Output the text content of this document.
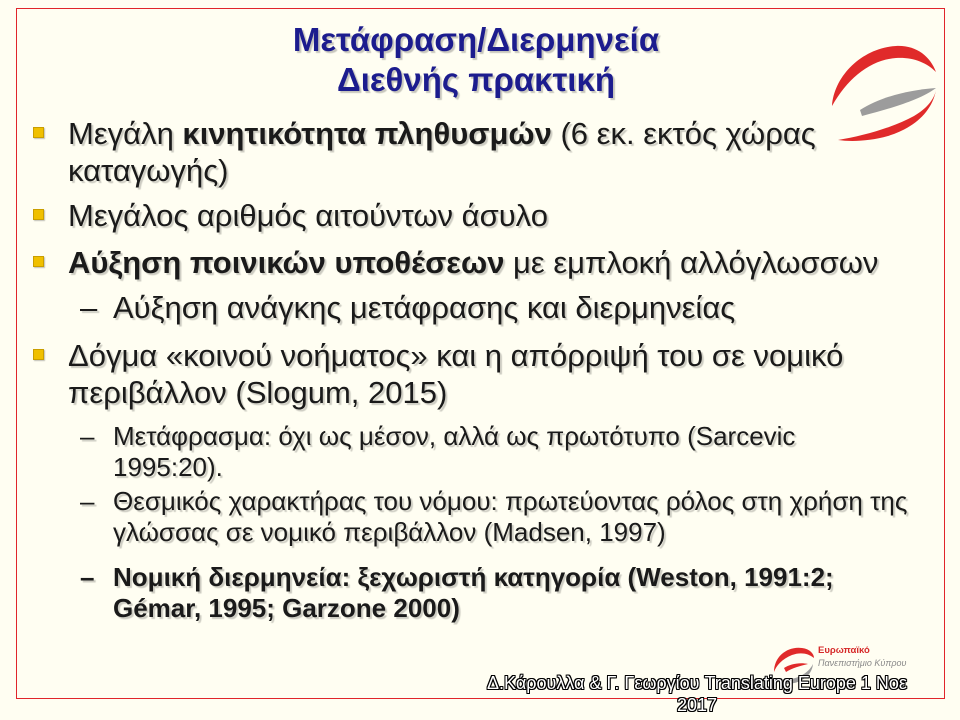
Μετάφραση/Διερμηνεία
Διεθνής πρακτική
Μεγάλη κινητικότητα πληθυσμών (6 εκ. εκτός χώρας
καταγωγής)
Μεγάλος αριθμός αιτούντων άσυλο
Αύξηση ποινικών υποθέσεων με εμπλοκή αλλόγλωσσων
– Αύξηση ανάγκης μετάφρασης και διερμηνείας
Δόγμα «κοινού νοήματος» και η απόρριψή του σε νομικό
περιβάλλον (Slogum, 2015)
– Μετάφρασμα: όχι ως μέσον, αλλά ως πρωτότυπο (Sarcevic
1995:20).
– Θεσμικός χαρακτήρας του νόμου: πρωτεύοντας ρόλος στη χρήση της
γλώσσας σε νομικό περιβάλλον (Madsen, 1997)
– Νομική διερμηνεία: ξεχωριστή κατηγορία (Weston, 1991:2;
Gémar, 1995; Garzone 2000)
Ευρωπαϊκό
Πανεπιστήμιο Κύπρου
Δ.Κάρουλλα & Γ. Γεωργίου Translating Europe 1 Νοε
2017
